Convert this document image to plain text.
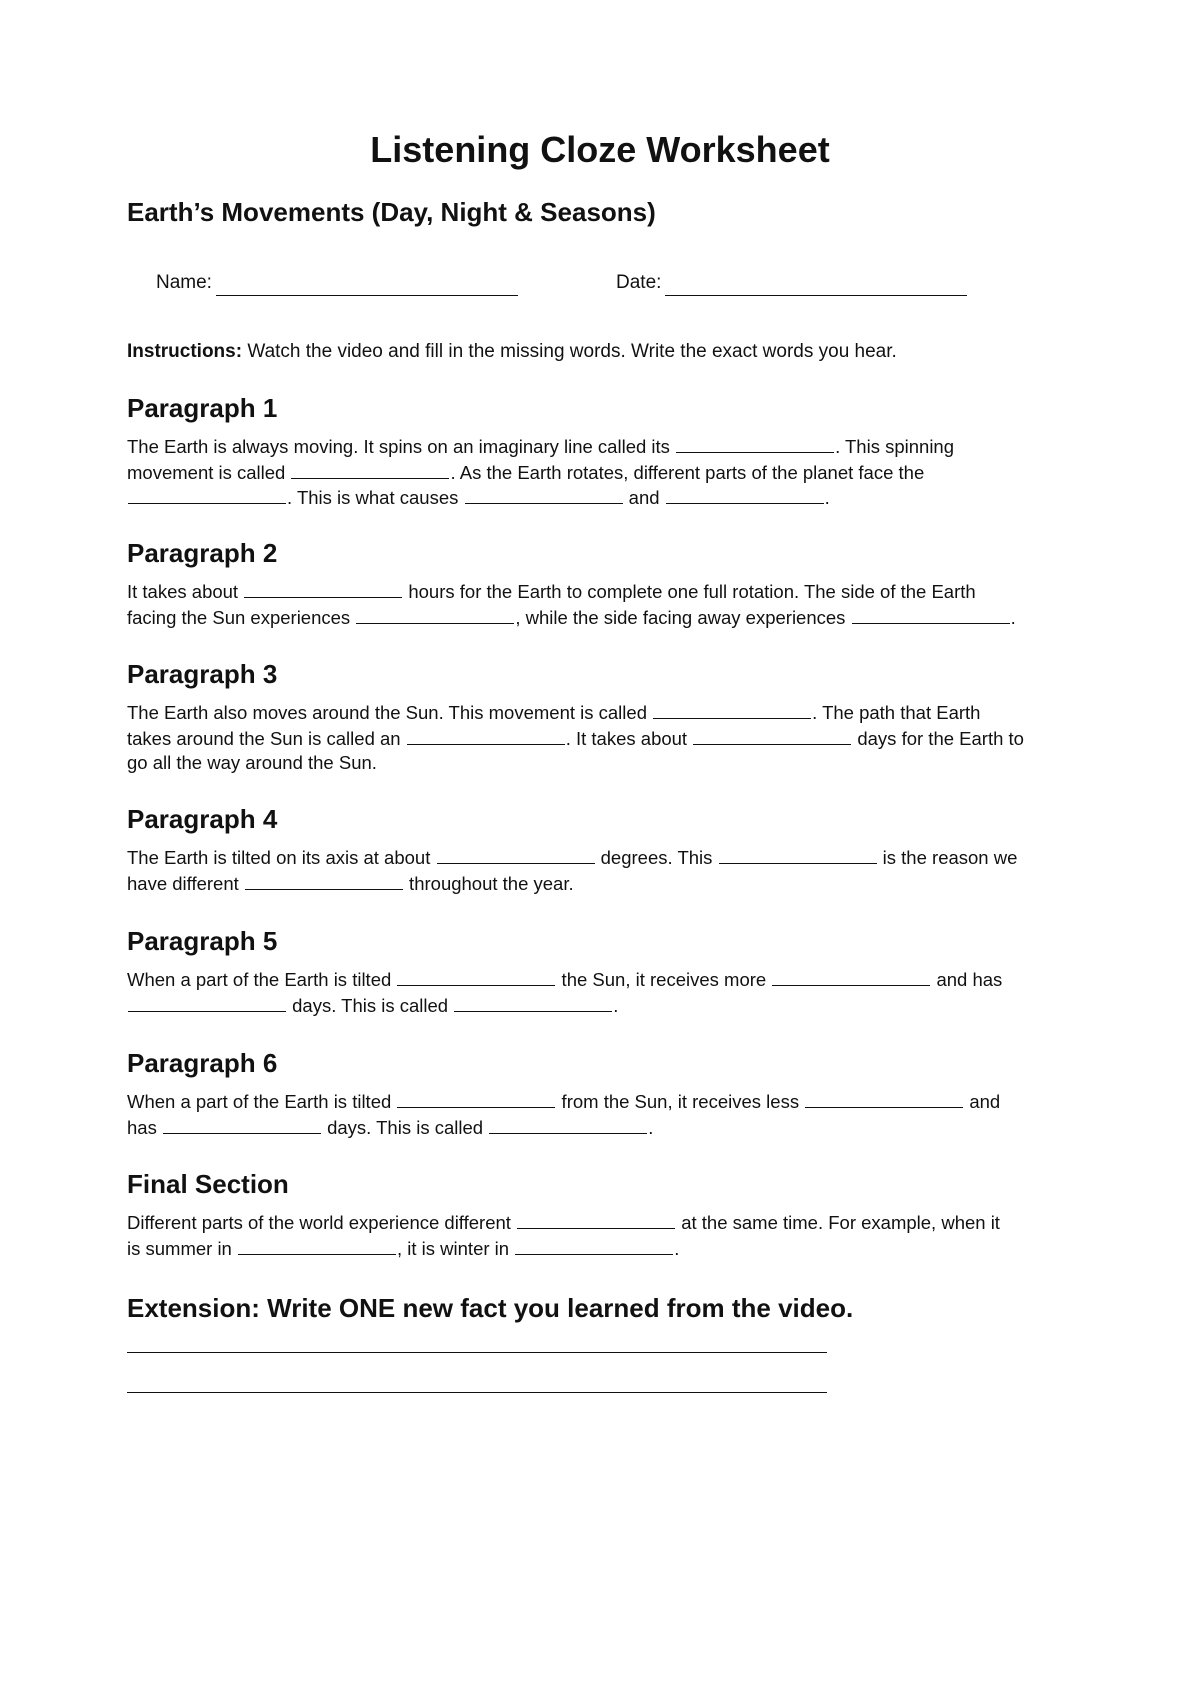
Listening Cloze Worksheet
Earth’s Movements (Day, Night & Seasons)
Name:	Date:
Instructions: Watch the video and fill in the missing words. Write the exact words you hear.
Paragraph 1
The Earth is always moving. It spins on an imaginary line called its	. This spinning
movement is called	. As the Earth rotates, different parts of the planet face the
. This is what causes	and	.
Paragraph 2
It takes about	hours for the Earth to complete one full rotation. The side of the Earth
facing the Sun experiences	, while the side facing away experiences	.
Paragraph 3
The Earth also moves around the Sun. This movement is called	. The path that Earth
takes around the Sun is called an	. It takes about	days for the Earth to
go all the way around the Sun.
Paragraph 4
The Earth is tilted on its axis at about	degrees. This	is the reason we
have different	throughout the year.
Paragraph 5
When a part of the Earth is tilted	the Sun, it receives more	and has
days. This is called	.
Paragraph 6
When a part of the Earth is tilted	from the Sun, it receives less	and
has	days. This is called	.
Final Section
Different parts of the world experience different	at the same time. For example, when it
is summer in	, it is winter in	.
Extension: Write ONE new fact you learned from the video.
